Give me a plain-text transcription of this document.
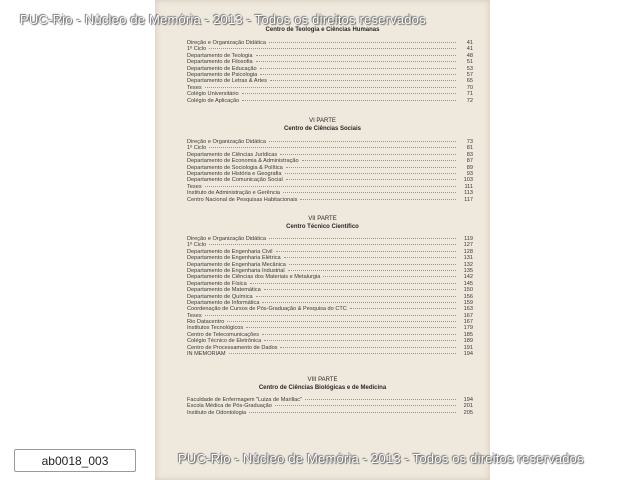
Centro de Teologia e Ciências Humanas
Direção e Organização Didática	41
1º Ciclo	41
Departamento de Teologia	48
Departamento de Filosofia	51
Departamento de Educação	53
Departamento de Psicologia	57
Departamento de Letras & Artes	65
Teses	70
Colégio Universitário	71
Colégio de Aplicação	72
VI PARTE
Centro de Ciências Sociais
Direção e Organização Didática	73
1º Ciclo	81
Departamento de Ciências Jurídicas	83
Departamento de Economia & Administração	87
Departamento de Sociologia & Política	89
Departamento de História e Geografia	93
Departamento de Comunicação Social	103
Teses	111
Instituto de Administração e Gerência	113
Centro Nacional de Pesquisas Habitacionais	117
VII PARTE
Centro Técnico Científico
Direção e Organização Didática	119
1º Ciclo	127
Departamento de Engenharia Civil	128
Departamento de Engenharia Elétrica	131
Departamento de Engenharia Mecânica	132
Departamento de Engenharia Industrial	135
Departamento de Ciências dos Materiais e Metalurgia	142
Departamento de Física	145
Departamento de Matemática	150
Departamento de Química	156
Departamento de Informática	159
Coordenação de Cursos de Pós-Graduação & Pesquisa do CTC	163
Teses	167
Rio Datacentro	167
Institutos Tecnológicos	179
Centro de Telecomunicações	185
Colégio Técnico de Eletrônica	189
Centro de Processamento de Dados	191
IN MEMORIAM	194
VIII PARTE
Centro de Ciências Biológicas e de Medicina
Faculdade de Enfermagem "Luiza de Marillac"	194
Escola Médica de Pós-Graduação	201
Instituto de Odontologia	205
PUC-Rio - Núcleo de Memória - 2013 - Todos os direitos reservados
PUC-Rio - Núcleo de Memória - 2013 - Todos os direitos reservados
ab0018_003
